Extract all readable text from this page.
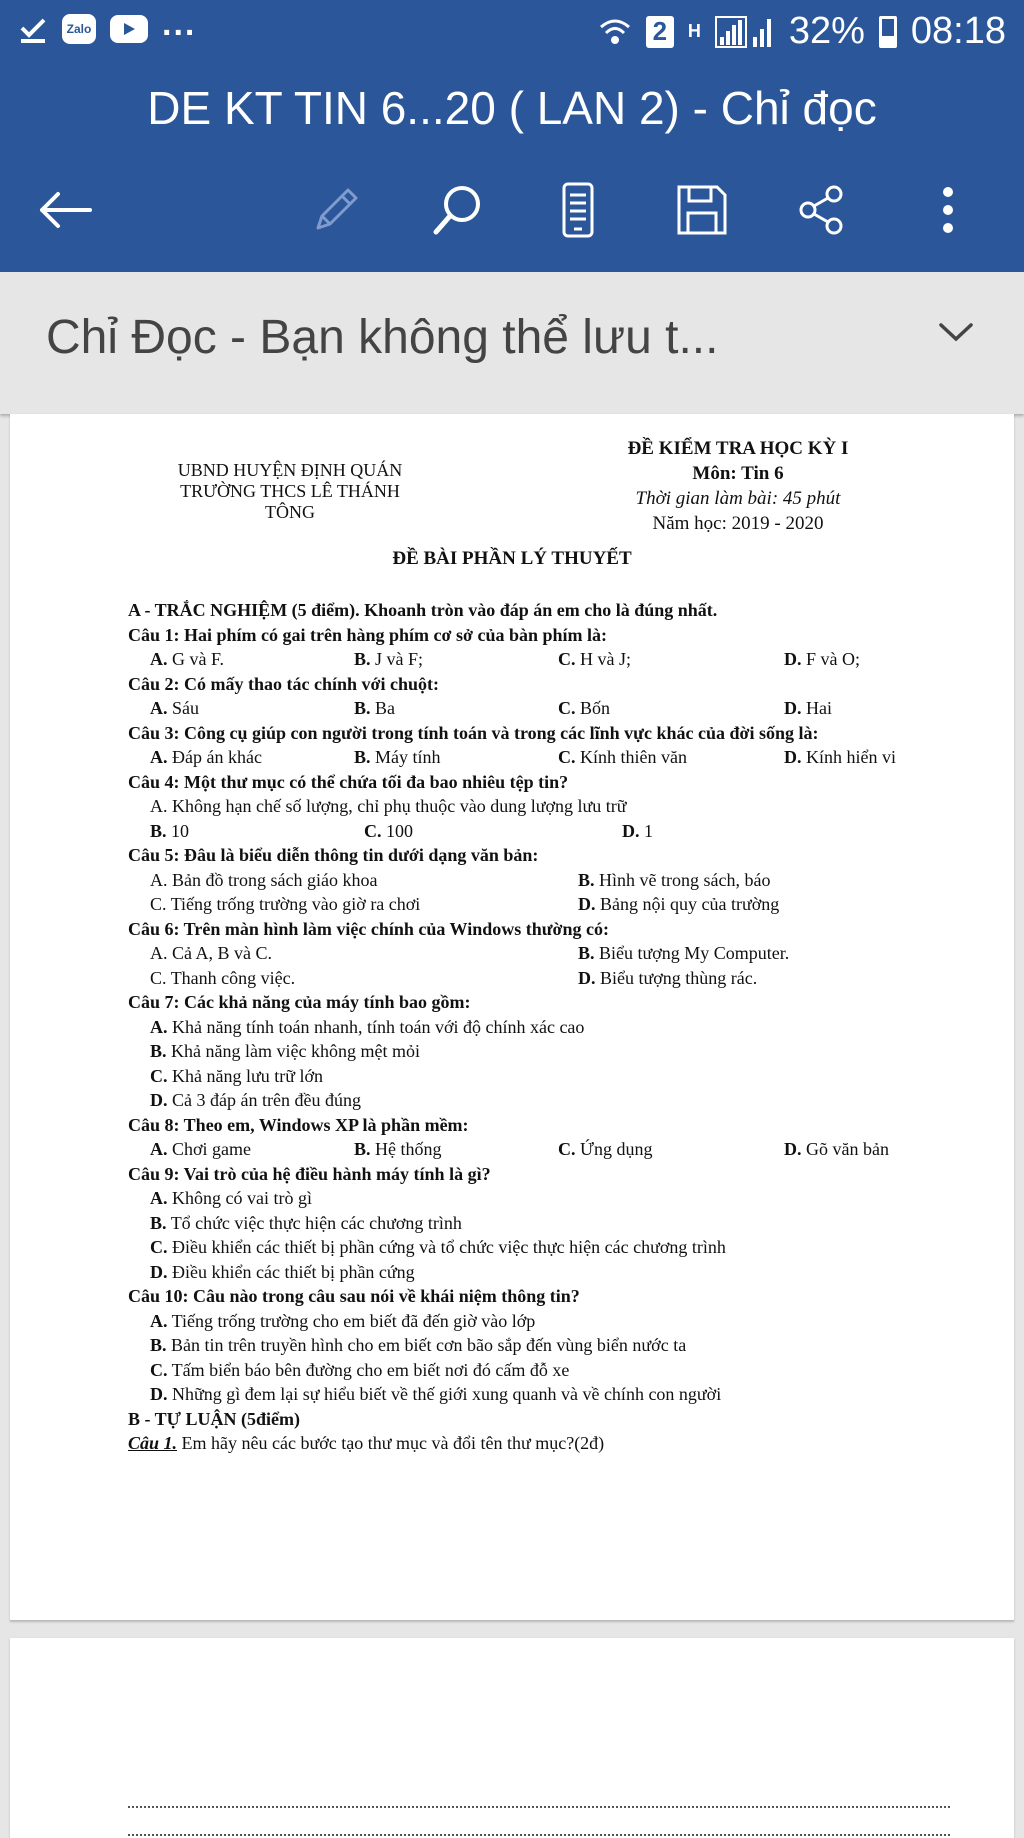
Zalo ...	2	H 32% 08:18
DE KT TIN 6...20 ( LAN 2) - Chỉ đọc
Chỉ Đọc - Bạn không thể lưu t...
UBND HUYỆN ĐỊNH QUÁN
TRƯỜNG THCS LÊ THÁNH TÔNG
ĐỀ KIỂM TRA HỌC KỲ I
Môn: Tin 6
Thời gian làm bài: 45 phút
Năm học: 2019 - 2020
ĐỀ BÀI PHẦN LÝ THUYẾT
A - TRẮC NGHIỆM (5 điểm). Khoanh tròn vào đáp án em cho là đúng nhất.
Câu 1: Hai phím có gai trên hàng phím cơ sở của bàn phím là:
A. G và F.	B. J và F;	C. H và J;	D. F và O;
Câu 2: Có mấy thao tác chính với chuột:
A. Sáu	B. Ba	C. Bốn	D. Hai
Câu 3: Công cụ giúp con người trong tính toán và trong các lĩnh vực khác của đời sống là:
A. Đáp án khác	B. Máy tính	C. Kính thiên văn	D. Kính hiển vi
Câu 4: Một thư mục có thể chứa tối đa bao nhiêu tệp tin?
A. Không hạn chế số lượng, chỉ phụ thuộc vào dung lượng lưu trữ
B. 10	C. 100	D. 1
Câu 5: Đâu là biểu diễn thông tin dưới dạng văn bản:
A. Bản đồ trong sách giáo khoa	B. Hình vẽ trong sách, báo
C. Tiếng trống trường vào giờ ra chơi	D. Bảng nội quy của trường
Câu 6: Trên màn hình làm việc chính của Windows thường có:
A. Cả A, B và C.	B. Biểu tượng My Computer.
C. Thanh công việc.	D. Biểu tượng thùng rác.
Câu 7: Các khả năng của máy tính bao gồm:
A. Khả năng tính toán nhanh, tính toán với độ chính xác cao
B. Khả năng làm việc không mệt mỏi
C. Khả năng lưu trữ lớn
D. Cả 3 đáp án trên đều đúng
Câu 8: Theo em, Windows XP là phần mềm:
A. Chơi game	B. Hệ thống	C. Ứng dụng	D. Gõ văn bản
Câu 9: Vai trò của hệ điều hành máy tính là gì?
A. Không có vai trò gì
B. Tổ chức việc thực hiện các chương trình
C. Điều khiển các thiết bị phần cứng và tổ chức việc thực hiện các chương trình
D. Điều khiển các thiết bị phần cứng
Câu 10: Câu nào trong câu sau nói về khái niệm thông tin?
A. Tiếng trống trường cho em biết đã đến giờ vào lớp
B. Bản tin trên truyền hình cho em biết cơn bão sắp đến vùng biển nước ta
C. Tấm biển báo bên đường cho em biết nơi đó cấm đỗ xe
D. Những gì đem lại sự hiểu biết về thế giới xung quanh và về chính con người
B - TỰ LUẬN (5điểm)
Câu 1. Em hãy nêu các bước tạo thư mục và đổi tên thư mục?(2đ)
